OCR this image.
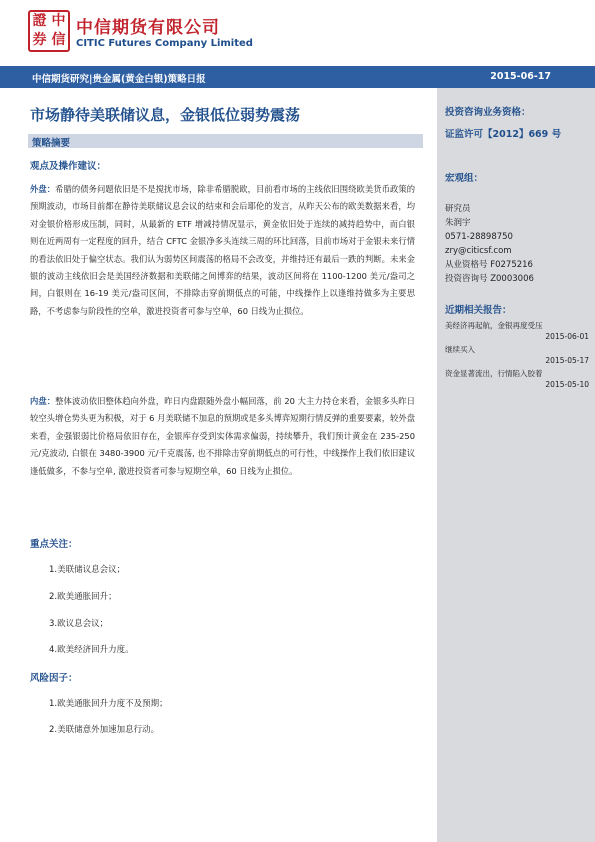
證 中
券 信
中信期货有限公司
CITIC Futures Company Limited
中信期货研究|贵金属(黄金白银)策略日报	2015-06-17
市场静待美联储议息，金银低位弱势震荡
策略摘要
观点及操作建议：
外盘：希腊的债务问题依旧是不是搅扰市场，除非希腊脱欧，目前看市场的主线依旧围绕欧美货币政策的预期波动，市场目前都在静待美联储议息会议的结束和会后耶伦的发言，从昨天公布的欧美数据来看，均对金银价格形成压制，同时，从最新的 ETF 增减持情况显示，黄金依旧处于连续的减持趋势中，而白银则在近两周有一定程度的回升，结合 CFTC 金银净多头连续三周的环比回落，目前市场对于金银未来行情的看法依旧处于偏空状态。我们认为弱势区间震荡的格局不会改变，并维持还有最后一跌的判断。未来金银的波动主线依旧会是美国经济数据和美联储之间博弈的结果，波动区间将在 1100-1200 美元/盎司之间，白银则在 16-19 美元/盎司区间，不排除击穿前期低点的可能，中线操作上以逢维持做多为主要思路，不考虑参与阶段性的空单，激进投资者可参与空单，60 日线为止损位。
内盘：整体波动依旧整体趋向外盘，昨日内盘跟随外盘小幅回落，前 20 大主力持仓来看，金银多头昨日较空头增仓势头更为积极，对于 6 月美联储不加息的预期或是多头博弈短期行情反弹的重要要素，较外盘来看，金强银弱比价格局依旧存在，金银库存受到实体需求偏弱，持续攀升，我们预计黄金在 235-250 元/克波动, 白银在 3480-3900 元/千克震荡, 也不排除击穿前期低点的可行性，中线操作上我们依旧建议逢低做多，不参与空单, 激进投资者可参与短期空单，60 日线为止损位。
重点关注：
1.美联储议息会议；
2.欧美通胀回升；
3.欧议息会议；
4.欧美经济回升力度。
风险因子：
1.欧美通胀回升力度不及预期；
2.美联储意外加速加息行动。
投资咨询业务资格：
证监许可【2012】669 号
宏观组：
研究员
朱润宇
0571-28898750
zry@citicsf.com
从业资格号 F0275216
投资咨询号 Z0003006
近期相关报告：
美经济再起航，金银再度受压
2015-06-01
继续买入
2015-05-17
资金显著流出，行情陷入胶着
2015-05-10
